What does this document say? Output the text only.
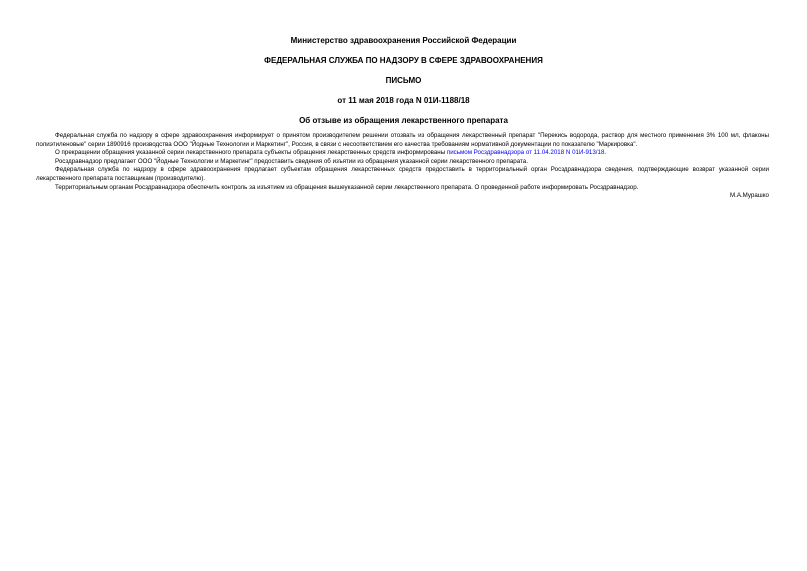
Министерство здравоохранения Российской Федерации
ФЕДЕРАЛЬНАЯ СЛУЖБА ПО НАДЗОРУ В СФЕРЕ ЗДРАВООХРАНЕНИЯ
ПИСЬМО
от 11 мая 2018 года N 01И-1188/18
Об отзыве из обращения лекарственного препарата

Федеральная служба по надзору в сфере здравоохранения информирует о принятом производителем решении отозвать из обращения лекарственный препарат "Перекись водорода, раствор для местного применения 3% 100 мл, флаконы полиэтиленовые" серии 1890916 производства ООО "Йодные Технологии и Маркетинг", Россия, в связи с несоответствием его качества требованиям нормативной документации по показателю "Маркировка".

О прекращении обращения указанной серии лекарственного препарата субъекты обращения лекарственных средств информированы письмом Росздравнадзора от 11.04.2018 N 01И-913/18.

Росздравнадзор предлагает ООО "Йодные Технологии и Маркетинг" предоставить сведения об изъятии из обращения указанной серии лекарственного препарата.

Федеральная служба по надзору в сфере здравоохранения предлагает субъектам обращения лекарственных средств предоставить в территориальный орган Росздравнадзора сведения, подтверждающие возврат указанной серии лекарственного препарата поставщикам (производителю).

Территориальным органам Росздравнадзора обеспечить контроль за изъятием из обращения вышеуказанной серии лекарственного препарата. О проведенной работе информировать Росздравнадзор.

М.А.Мурашко
